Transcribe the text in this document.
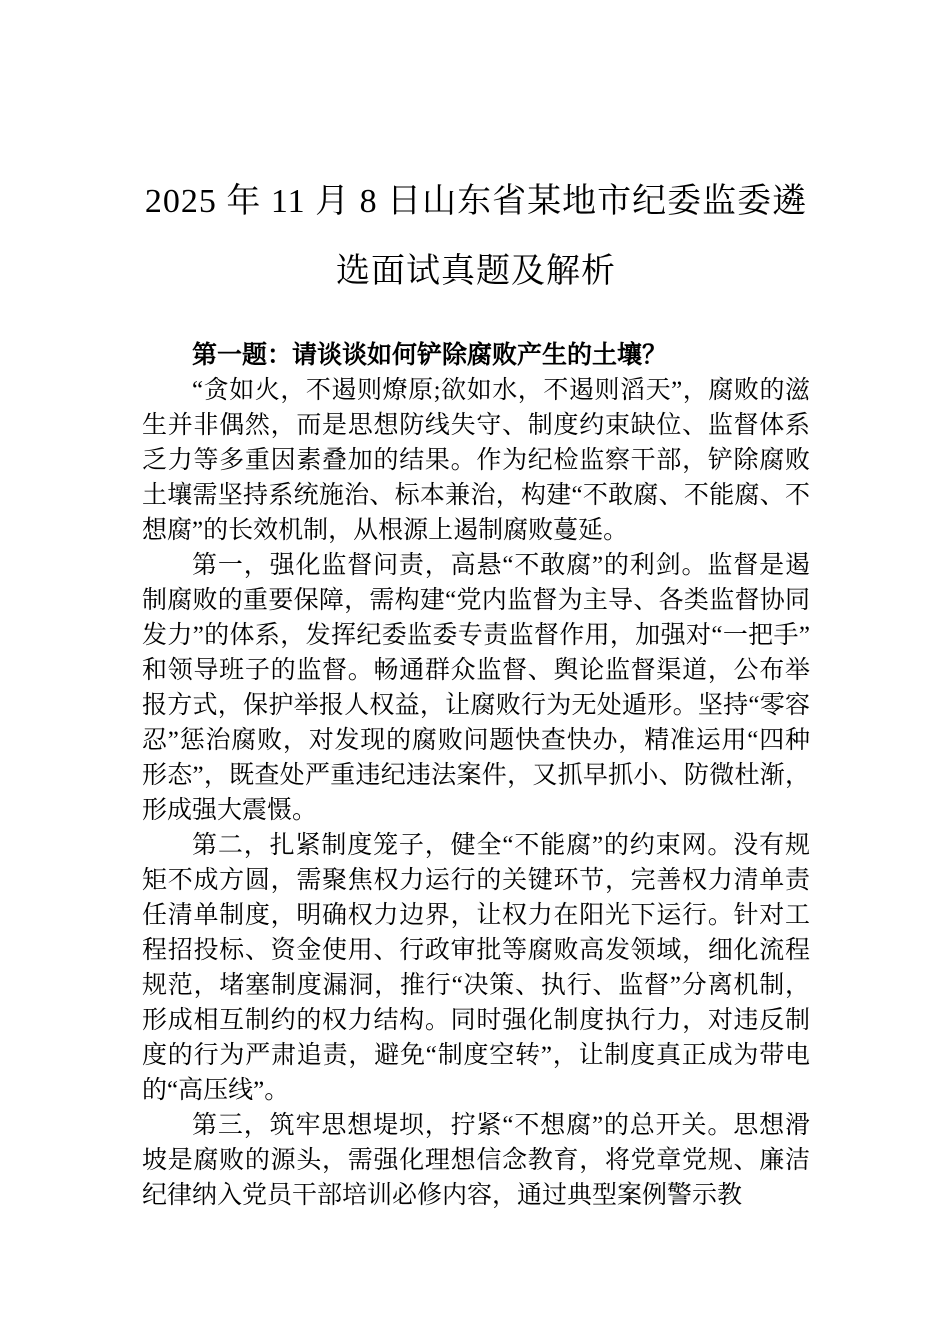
2025 年 11 月 8 日山东省某地市纪委监委遴
选面试真题及解析

第一题：请谈谈如何铲除腐败产生的土壤？

“贪如火，不遏则燎原;欲如水，不遏则滔天”，腐败的滋生并非偶然，而是思想防线失守、制度约束缺位、监督体系乏力等多重因素叠加的结果。作为纪检监察干部，铲除腐败土壤需坚持系统施治、标本兼治，构建“不敢腐、不能腐、不想腐”的长效机制，从根源上遏制腐败蔓延。

第一，强化监督问责，高悬“不敢腐”的利剑。监督是遏制腐败的重要保障，需构建“党内监督为主导、各类监督协同发力”的体系，发挥纪委监委专责监督作用，加强对“一把手”和领导班子的监督。畅通群众监督、舆论监督渠道，公布举报方式，保护举报人权益，让腐败行为无处遁形。坚持“零容忍”惩治腐败，对发现的腐败问题快查快办，精准运用“四种形态”，既查处严重违纪违法案件，又抓早抓小、防微杜渐，形成强大震慑。

第二，扎紧制度笼子，健全“不能腐”的约束网。没有规矩不成方圆，需聚焦权力运行的关键环节，完善权力清单责任清单制度，明确权力边界，让权力在阳光下运行。针对工程招投标、资金使用、行政审批等腐败高发领域，细化流程规范，堵塞制度漏洞，推行“决策、执行、监督”分离机制，形成相互制约的权力结构。同时强化制度执行力，对违反制度的行为严肃追责，避免“制度空转”，让制度真正成为带电的“高压线”。

第三，筑牢思想堤坝，拧紧“不想腐”的总开关。思想滑坡是腐败的源头，需强化理想信念教育，将党章党规、廉洁纪律纳入党员干部培训必修内容，通过典型案例警示教
